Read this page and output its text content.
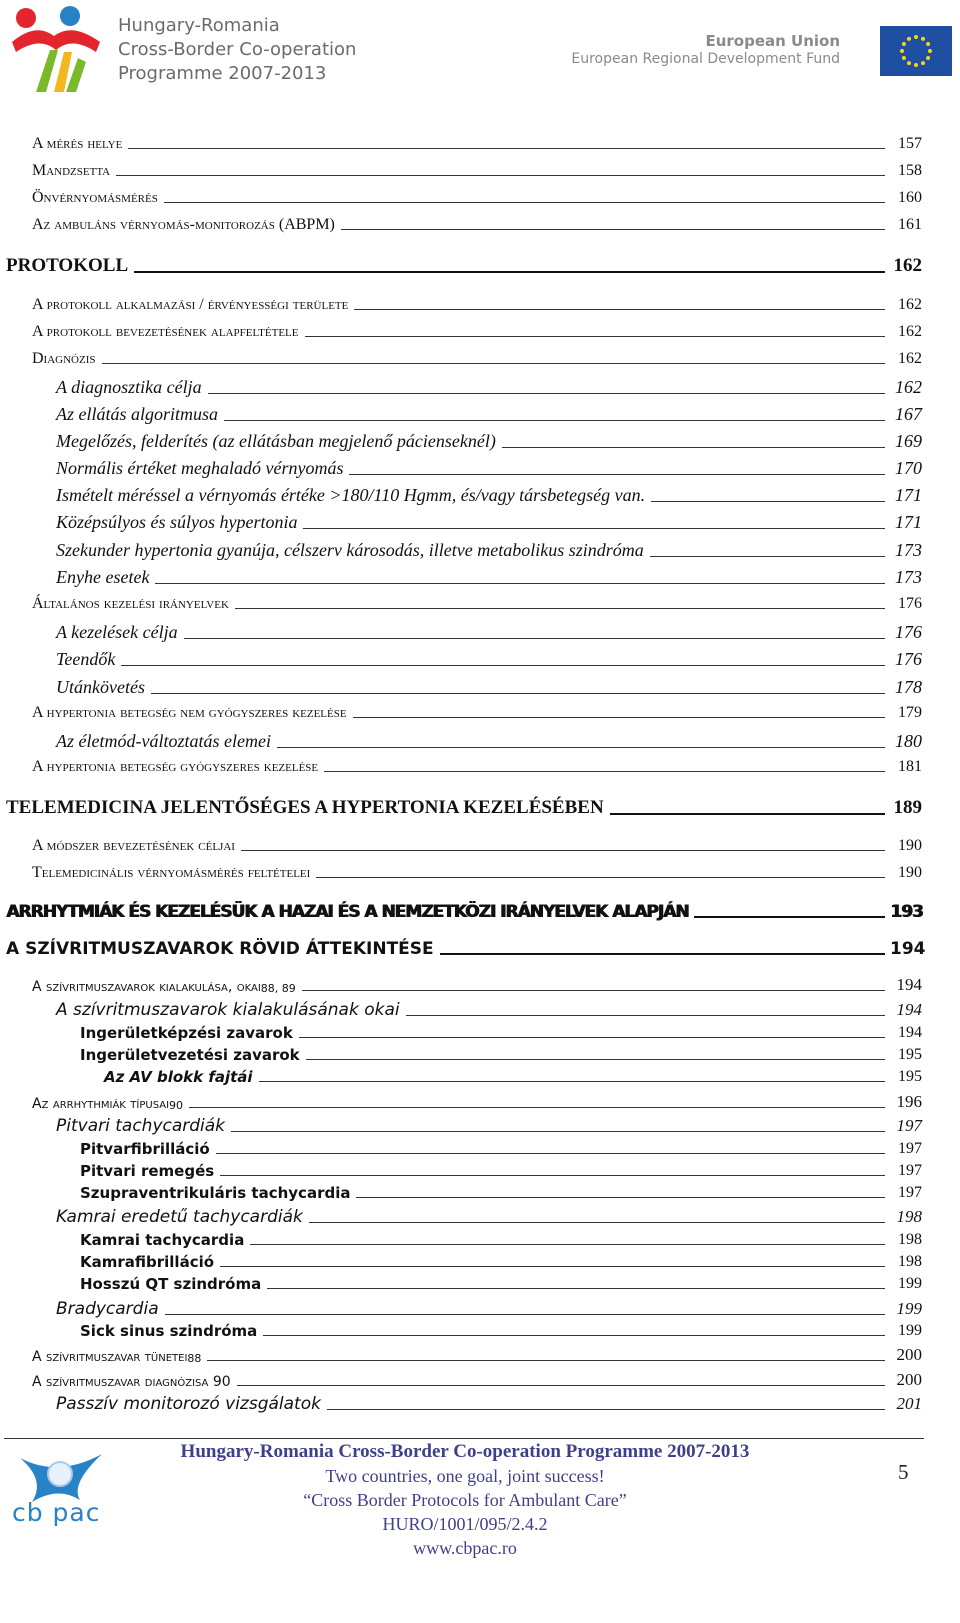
Hungary-Romania
Cross-Border Co-operation
Programme 2007-2013
European Union
European Regional Development Fund
A mérés helye	157
Mandzsetta	158
Önvérnyomásmérés	160
Az ambuláns vérnyomás-monitorozás (ABPM)	161
PROTOKOLL	162
A protokoll alkalmazási / érvényességi területe	162
A protokoll bevezetésének alapfeltétele	162
Diagnózis	162
A diagnosztika célja	162
Az ellátás algoritmusa	167
Megelőzés, felderítés (az ellátásban megjelenő pácienseknél)	169
Normális értéket meghaladó vérnyomás	170
Ismételt méréssel a vérnyomás értéke >180/110 Hgmm, és/vagy társbetegség van.	171
Középsúlyos és súlyos hypertonia	171
Szekunder hypertonia gyanúja, célszerv károsodás, illetve metabolikus szindróma	173
Enyhe esetek	173
Általános kezelési irányelvek	176
A kezelések célja	176
Teendők	176
Utánkövetés	178
A hypertonia betegség nem gyógyszeres kezelése	179
Az életmód-változtatás elemei	180
A hypertonia betegség gyógyszeres kezelése	181
TELEMEDICINA JELENTŐSÉGES A HYPERTONIA KEZELÉSÉBEN	189
A módszer bevezetésének céljai	190
Telemedicinális vérnyomásmérés feltételei	190
ARRHYTMIÁK ÉS KEZELÉSÜK A HAZAI ÉS A NEMZETKÖZI IRÁNYELVEK ALAPJÁN	193
A SZÍVRITMUSZAVAROK RÖVID ÁTTEKINTÉSE	194
A szívritmuszavarok kialakulása, okai 88, 89	194
A szívritmuszavarok kialakulásának okai	194
Ingerületképzési zavarok	194
Ingerületvezetési zavarok	195
Az AV blokk fajtái	195
Az arrhythmiák típusai 90	196
Pitvari tachycardiák	197
Pitvarfibrilláció	197
Pitvari remegés	197
Szupraventrikuláris tachycardia	197
Kamrai eredetű tachycardiák	198
Kamrai tachycardia	198
Kamrafibrilláció	198
Hosszú QT szindróma	199
Bradycardia	199
Sick sinus szindróma	199
A szívritmuszavar tünetei 88	200
A szívritmuszavar diagnózisa 90	200
Passzív monitorozó vizsgálatok	201
cb pac
Hungary-Romania Cross-Border Co-operation Programme 2007-2013
Two countries, one goal, joint success!
“Cross Border Protocols for Ambulant Care”
HURO/1001/095/2.4.2
www.cbpac.ro
5
